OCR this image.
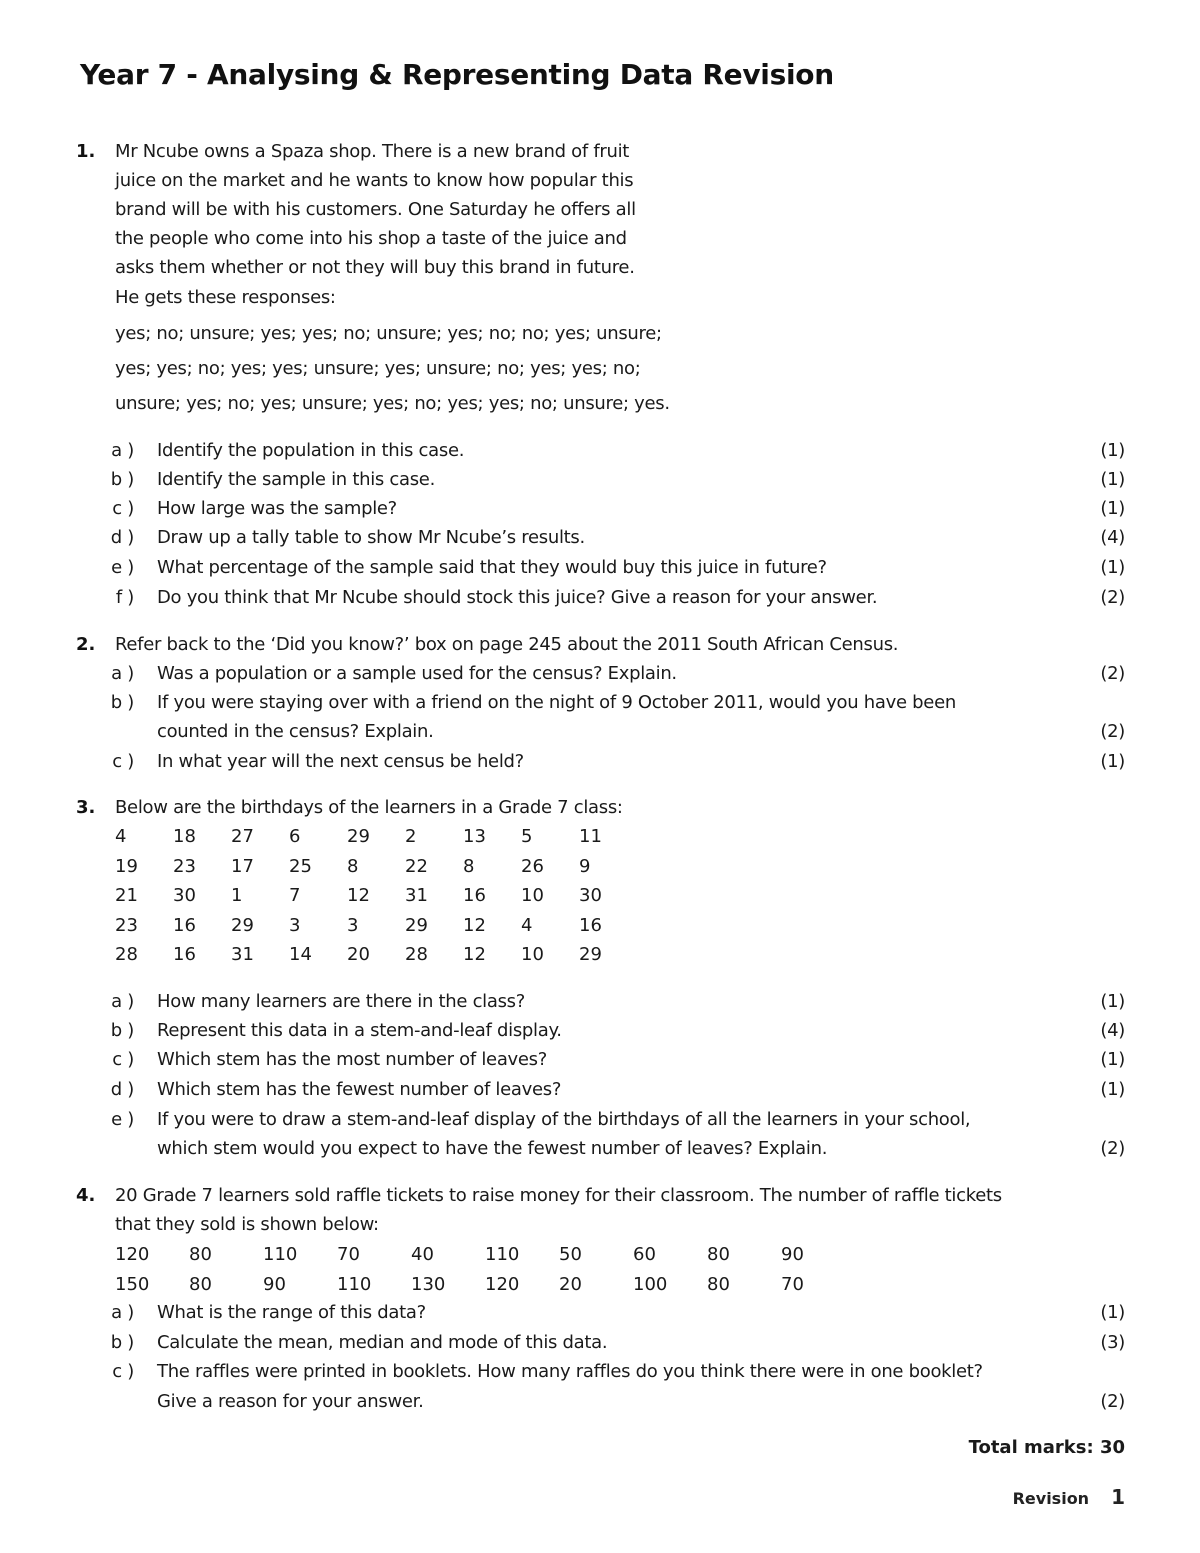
Year 7 - Analysing & Representing Data Revision
1. Mr Ncube owns a Spaza shop. There is a new brand of fruit
juice on the market and he wants to know how popular this
brand will be with his customers. One Saturday he offers all
the people who come into his shop a taste of the juice and
asks them whether or not they will buy this brand in future.
He gets these responses:
yes; no; unsure; yes; yes; no; unsure; yes; no; no; yes; unsure;
yes; yes; no; yes; yes; unsure; yes; unsure; no; yes; yes; no;
unsure; yes; no; yes; unsure; yes; no; yes; yes; no; unsure; yes.
a ) Identify the population in this case.	(1)
b ) Identify the sample in this case.	(1)
c ) How large was the sample?	(1)
d ) Draw up a tally table to show Mr Ncube’s results.	(4)
e ) What percentage of the sample said that they would buy this juice in future?	(1)
f ) Do you think that Mr Ncube should stock this juice? Give a reason for your answer.	(2)
2. Refer back to the ‘Did you know?’ box on page 245 about the 2011 South African Census.
a ) Was a population or a sample used for the census? Explain.	(2)
b ) If you were staying over with a friend on the night of 9 October 2011, would you have been
counted in the census? Explain.	(2)
c ) In what year will the next census be held?	(1)
3. Below are the birthdays of the learners in a Grade 7 class:
4	18 27 6	29 2	13 5	11
19 23 17 25 8	22 8	26 9
21 30 1	7	12 31 16 10 30
23 16 29 3	3	29 12 4	16
28 16 31 14 20 28 12 10 29
a ) How many learners are there in the class?	(1)
b ) Represent this data in a stem-and-leaf display.	(4)
c ) Which stem has the most number of leaves?	(1)
d ) Which stem has the fewest number of leaves?	(1)
e ) If you were to draw a stem-and-leaf display of the birthdays of all the learners in your school,
which stem would you expect to have the fewest number of leaves? Explain.	(2)
4. 20 Grade 7 learners sold raffle tickets to raise money for their classroom. The number of raffle tickets
that they sold is shown below:
120 80	110 70	40	110 50	60	80	90
150 80	90	110 130 120 20	100 80	70
a ) What is the range of this data?	(1)
b ) Calculate the mean, median and mode of this data.	(3)
c ) The raffles were printed in booklets. How many raffles do you think there were in one booklet?
Give a reason for your answer.	(2)
Total marks: 30
Revision 1
